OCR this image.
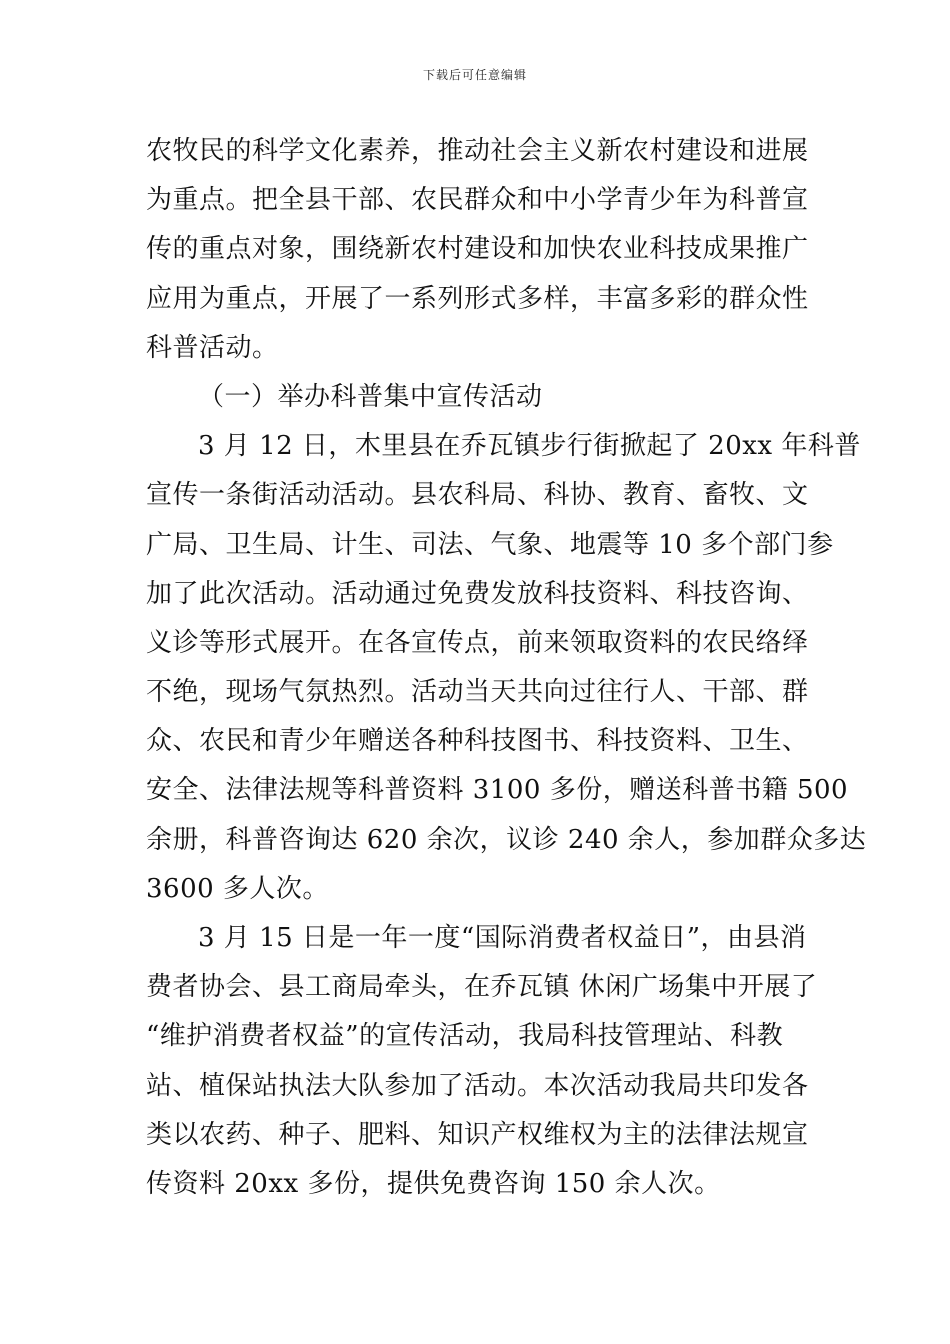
下载后可任意编辑
农牧民的科学文化素养，推动社会主义新农村建设和进展
为重点。把全县干部、农民群众和中小学青少年为科普宣
传的重点对象，围绕新农村建设和加快农业科技成果推广
应用为重点，开展了一系列形式多样，丰富多彩的群众性
科普活动。
（一）举办科普集中宣传活动
3 月 12 日，木里县在乔瓦镇步行街掀起了 20xx 年科普
宣传一条街活动活动。县农科局、科协、教育、畜牧、文
广局、卫生局、计生、司法、气象、地震等 10 多个部门参
加了此次活动。活动通过免费发放科技资料、科技咨询、
义诊等形式展开。在各宣传点，前来领取资料的农民络绎
不绝，现场气氛热烈。活动当天共向过往行人、干部、群
众、农民和青少年赠送各种科技图书、科技资料、卫生、
安全、法律法规等科普资料 3100 多份，赠送科普书籍 500
余册，科普咨询达 620 余次，议诊 240 余人，参加群众多达
3600 多人次。
3 月 15 日是一年一度“国际消费者权益日”，由县消
费者协会、县工商局牵头，在乔瓦镇 休闲广场集中开展了
“维护消费者权益”的宣传活动，我局科技管理站、科教
站、植保站执法大队参加了活动。本次活动我局共印发各
类以农药、种子、肥料、知识产权维权为主的法律法规宣
传资料 20xx 多份，提供免费咨询 150 余人次。
